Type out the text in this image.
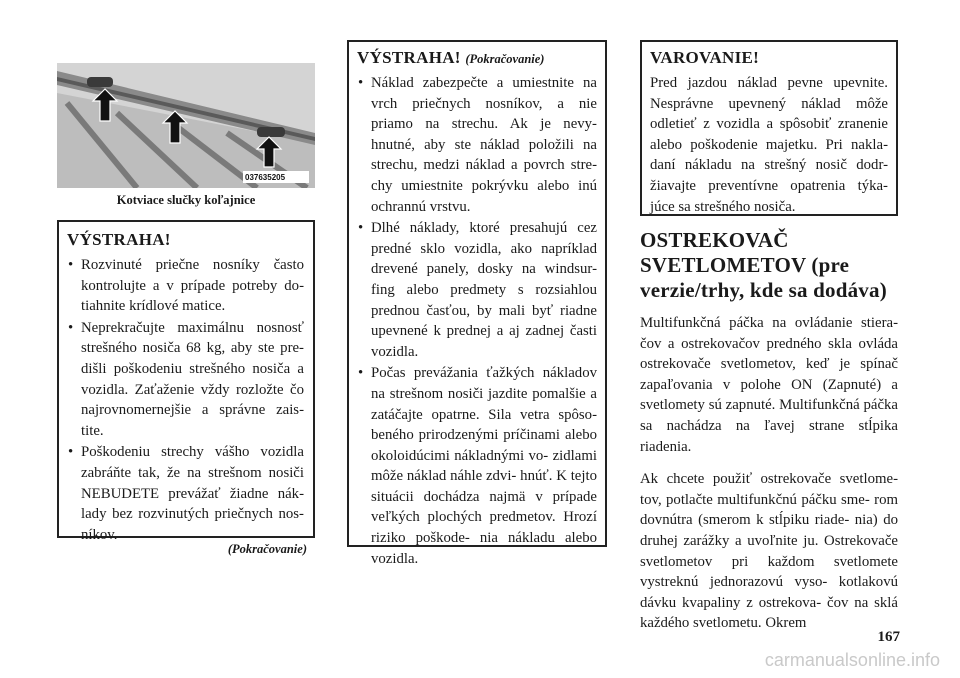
037635205
Kotviace slučky koľajnice
VÝSTRAHA!
• Rozvinuté priečne nosníky často kontrolujte a v prípade potreby do- tiahnite krídlové matice.
• Neprekračujte maximálnu nosnosť strešného nosiča 68 kg, aby ste pre- dišli poškodeniu strešného nosiča a vozidla. Zaťaženie vždy rozložte čo najrovnomernejšie a správne zais- tite.
• Poškodeniu strechy vášho vozidla zabráňte tak, že na strešnom nosiči NEBUDETE prevážať žiadne nák- lady bez rozvinutých priečnych nos- níkov.
(Pokračovanie)
VÝSTRAHA! (Pokračovanie)
• Náklad zabezpečte a umiestnite na vrch priečnych nosníkov, a nie priamo na strechu. Ak je nevy- hnutné, aby ste náklad položili na strechu, medzi náklad a povrch stre- chy umiestnite pokrývku alebo inú ochrannú vrstvu.
• Dlhé náklady, ktoré presahujú cez predné sklo vozidla, ako napríklad drevené panely, dosky na windsur- fing alebo predmety s rozsiahlou prednou časťou, by mali byť riadne upevnené k prednej a aj zadnej časti vozidla.
• Počas prevážania ťažkých nákladov na strešnom nosiči jazdite pomalšie a zatáčajte opatrne. Sila vetra spôso- beného prirodzenými príčinami alebo okoloidúcimi nákladnými vo- zidlami môže náklad náhle zdvi- hnúť. K tejto situácii dochádza najmä v prípade veľkých plochých predmetov. Hrozí riziko poškode- nia nákladu alebo vozidla.
VAROVANIE!

Pred jazdou náklad pevne upevnite. Nesprávne upevnený náklad môže odletieť z vozidla a spôsobiť zranenie alebo poškodenie majetku. Pri nakla- daní nákladu na strešný nosič dodr- žiavajte preventívne opatrenia týka- júce sa strešného nosiča.

OSTREKOVAČ SVETLOMETOV (pre verzie/trhy, kde sa dodáva)

Multifunkčná páčka na ovládanie stiera- čov a ostrekovačov predného skla ovláda ostrekovače svetlometov, keď je spínač zapaľovania v polohe ON (Zapnuté) a svetlomety sú zapnuté. Multifunkčná páčka sa nachádza na ľavej strane stĺpika riadenia.

Ak chcete použiť ostrekovače svetlome- tov, potlačte multifunkčnú páčku sme- rom dovnútra (smerom k stĺpiku riade- nia) do druhej zarážky a uvoľnite ju. Ostrekovače svetlometov pri každom svetlomete vystreknú jednorazovú vyso- kotlakovú dávku kvapaliny z ostrekova- čov na sklá každého svetlometu. Okrem

167
carmanualsonline.info
